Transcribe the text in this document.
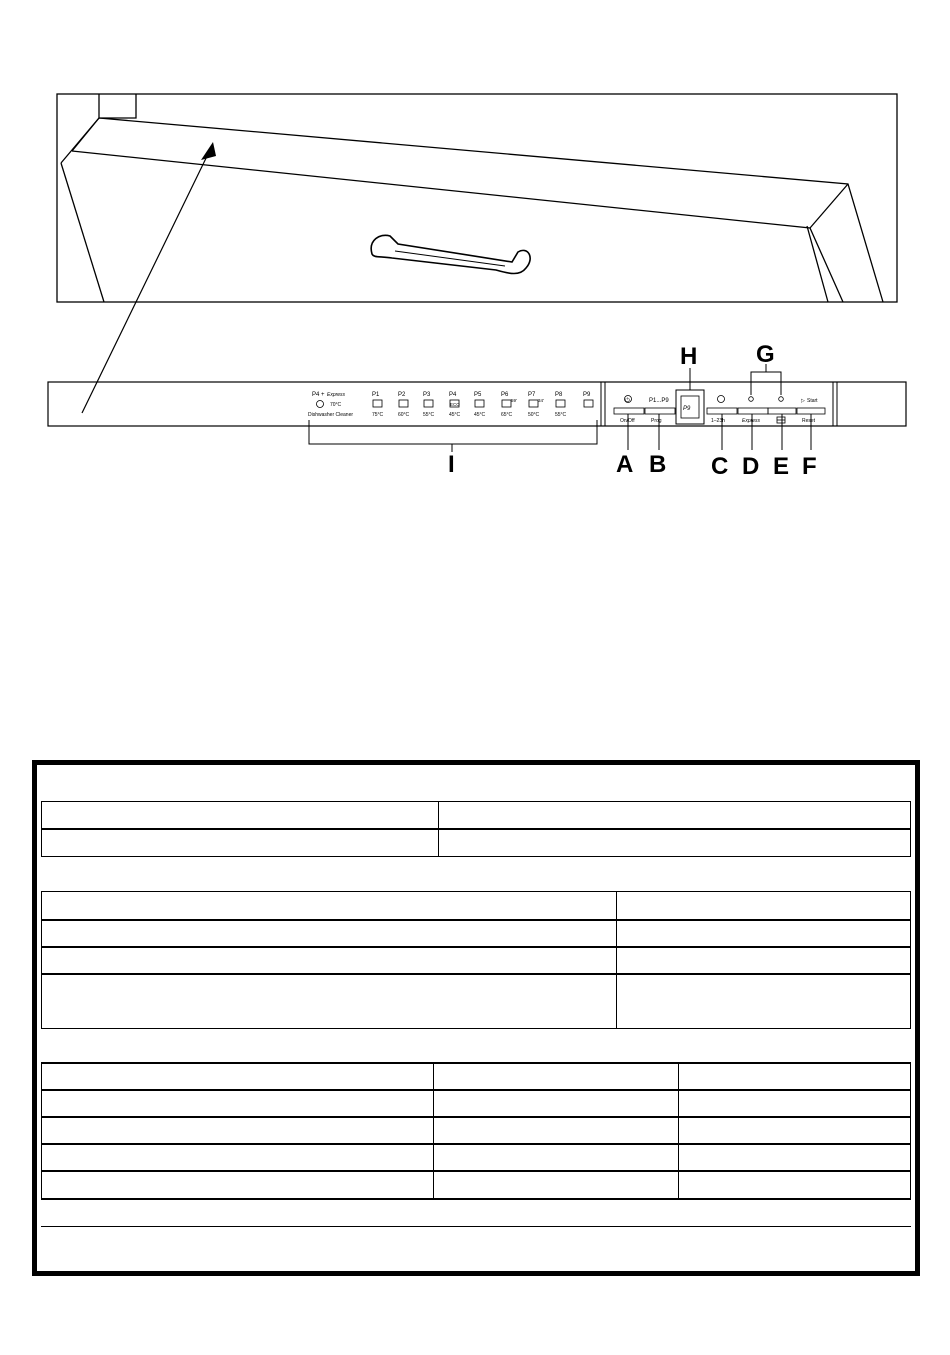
P4 + Express
70°C
Dishwasher Cleaner
P1
75°C
P2
60°C
P3
55°C
P4
ECO
45°C
P5
45°C
P6
59'
65°C
P7
34'
50°C
P8
55°C
P9
⏻	P1...P9
On/Off	Prog
P9
▷ Start
1–23h	Express	Reset
A B C D E F
G
H
I
